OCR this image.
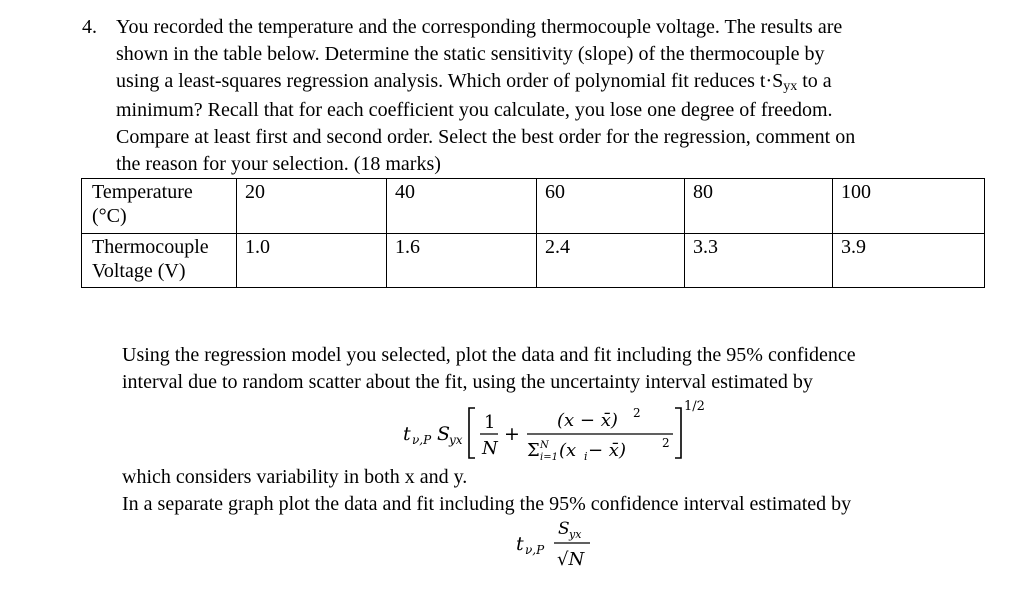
4. You recorded the temperature and the corresponding thermocouple voltage. The results are

shown in the table below. Determine the static sensitivity (slope) of the thermocouple by

using a least-squares regression analysis. Which order of polynomial fit reduces t·Syx to a

minimum? Recall that for each coefficient you calculate, you lose one degree of freedom.

Compare at least first and second order. Select the best order for the regression, comment on

the reason for your selection. (18 marks)

Temperature
(°C)	20	40	60	80	100

Thermocouple
Voltage (V)	1.0	1.6	2.4	3.3	3.9

Using the regression model you selected, plot the data and fit including the 95% confidence

interval due to random scatter about the fit, using the uncertainty interval estimated by

t ν,P S
yx
1
N
+
(x − x̄) 2
Σ N
i=1 (x i − x̄)	2
1/2

which considers variability in both x and y.

In a separate graph plot the data and fit including the 95% confidence interval estimated by

t ν,P
S yx
√N
